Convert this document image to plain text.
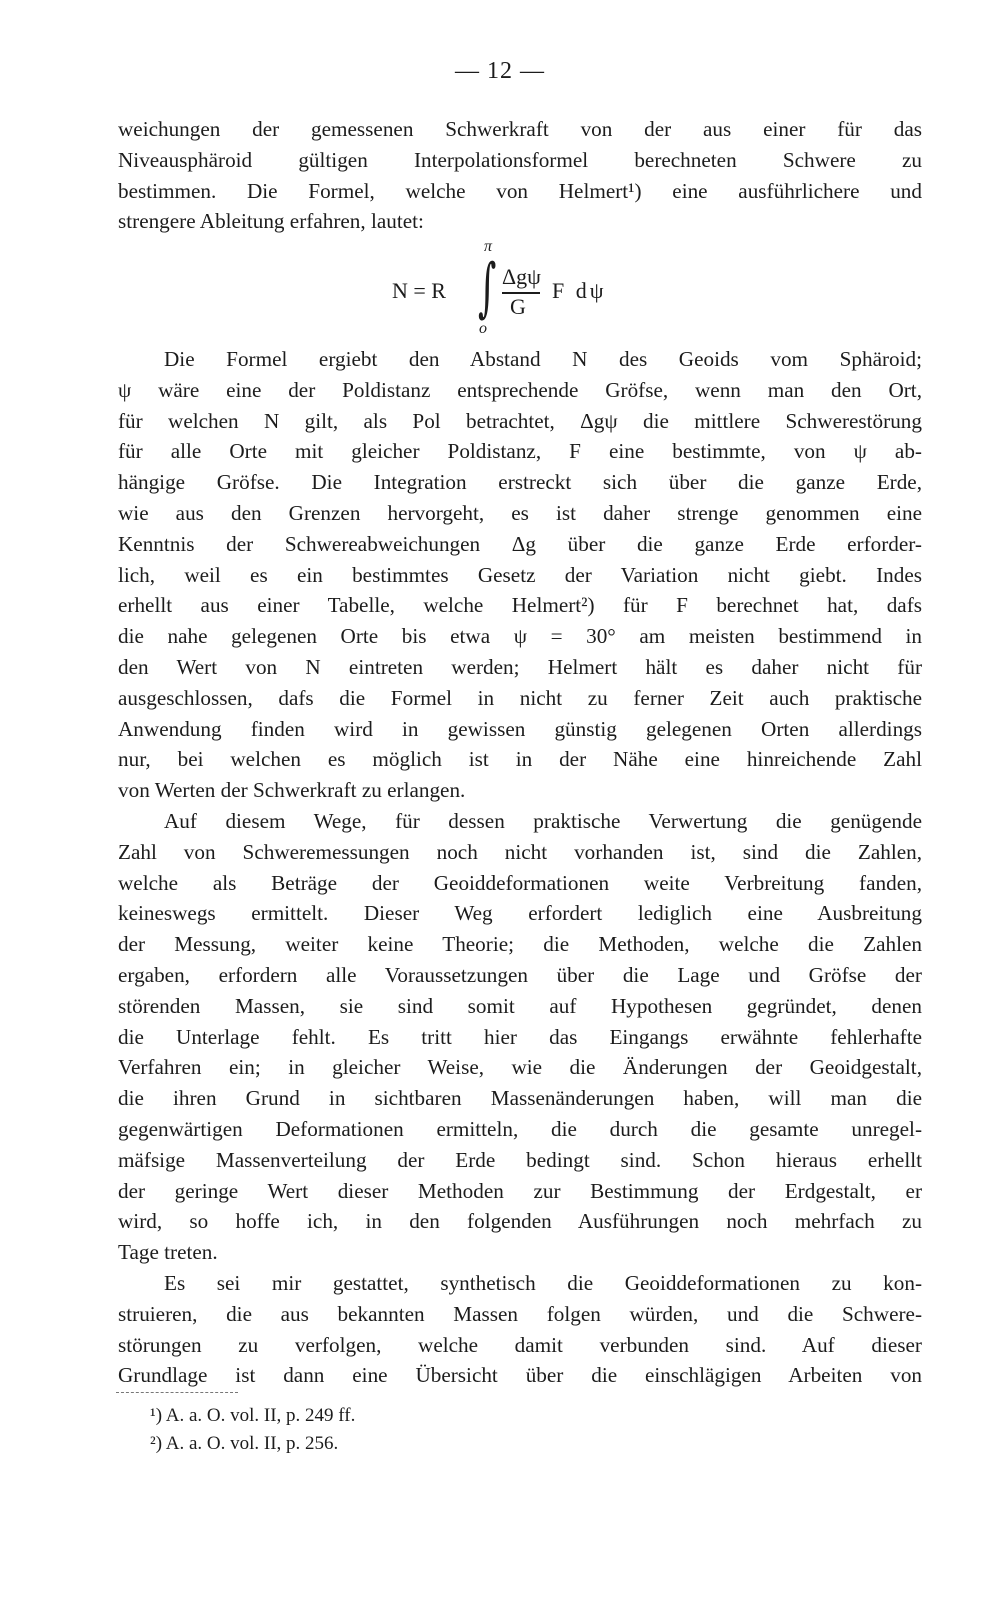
— 12 —
weichungen der gemessenen Schwerkraft von der aus einer für das
Niveausphäroid gültigen Interpolationsformel berechneten Schwere zu
bestimmen. Die Formel, welche von Helmert¹) eine ausführlichere und
strengere Ableitung erfahren, lautet:
N = R
π
∫
o
Δgψ
G
F dψ
Die Formel ergiebt den Abstand N des Geoids vom Sphäroid;
ψ wäre eine der Poldistanz entsprechende Gröfse, wenn man den Ort,
für welchen N gilt, als Pol betrachtet, Δgψ die mittlere Schwerestörung
für alle Orte mit gleicher Poldistanz, F eine bestimmte, von ψ ab-
hängige Gröfse. Die Integration erstreckt sich über die ganze Erde,
wie aus den Grenzen hervorgeht, es ist daher strenge genommen eine
Kenntnis der Schwereabweichungen Δg über die ganze Erde erforder-
lich, weil es ein bestimmtes Gesetz der Variation nicht giebt. Indes
erhellt aus einer Tabelle, welche Helmert²) für F berechnet hat, dafs
die nahe gelegenen Orte bis etwa ψ = 30° am meisten bestimmend in
den Wert von N eintreten werden; Helmert hält es daher nicht für
ausgeschlossen, dafs die Formel in nicht zu ferner Zeit auch praktische
Anwendung finden wird in gewissen günstig gelegenen Orten allerdings
nur, bei welchen es möglich ist in der Nähe eine hinreichende Zahl
von Werten der Schwerkraft zu erlangen.
Auf diesem Wege, für dessen praktische Verwertung die genügende
Zahl von Schweremessungen noch nicht vorhanden ist, sind die Zahlen,
welche als Beträge der Geoiddeformationen weite Verbreitung fanden,
keineswegs ermittelt. Dieser Weg erfordert lediglich eine Ausbreitung
der Messung, weiter keine Theorie; die Methoden, welche die Zahlen
ergaben, erfordern alle Voraussetzungen über die Lage und Gröfse der
störenden Massen, sie sind somit auf Hypothesen gegründet, denen
die Unterlage fehlt. Es tritt hier das Eingangs erwähnte fehlerhafte
Verfahren ein; in gleicher Weise, wie die Änderungen der Geoidgestalt,
die ihren Grund in sichtbaren Massenänderungen haben, will man die
gegenwärtigen Deformationen ermitteln, die durch die gesamte unregel-
mäfsige Massenverteilung der Erde bedingt sind. Schon hieraus erhellt
der geringe Wert dieser Methoden zur Bestimmung der Erdgestalt, er
wird, so hoffe ich, in den folgenden Ausführungen noch mehrfach zu
Tage treten.
Es sei mir gestattet, synthetisch die Geoiddeformationen zu kon-
struieren, die aus bekannten Massen folgen würden, und die Schwere-
störungen zu verfolgen, welche damit verbunden sind. Auf dieser
Grundlage ist dann eine Übersicht über die einschlägigen Arbeiten von
¹) A. a. O. vol. II, p. 249 ff.
²) A. a. O. vol. II, p. 256.
